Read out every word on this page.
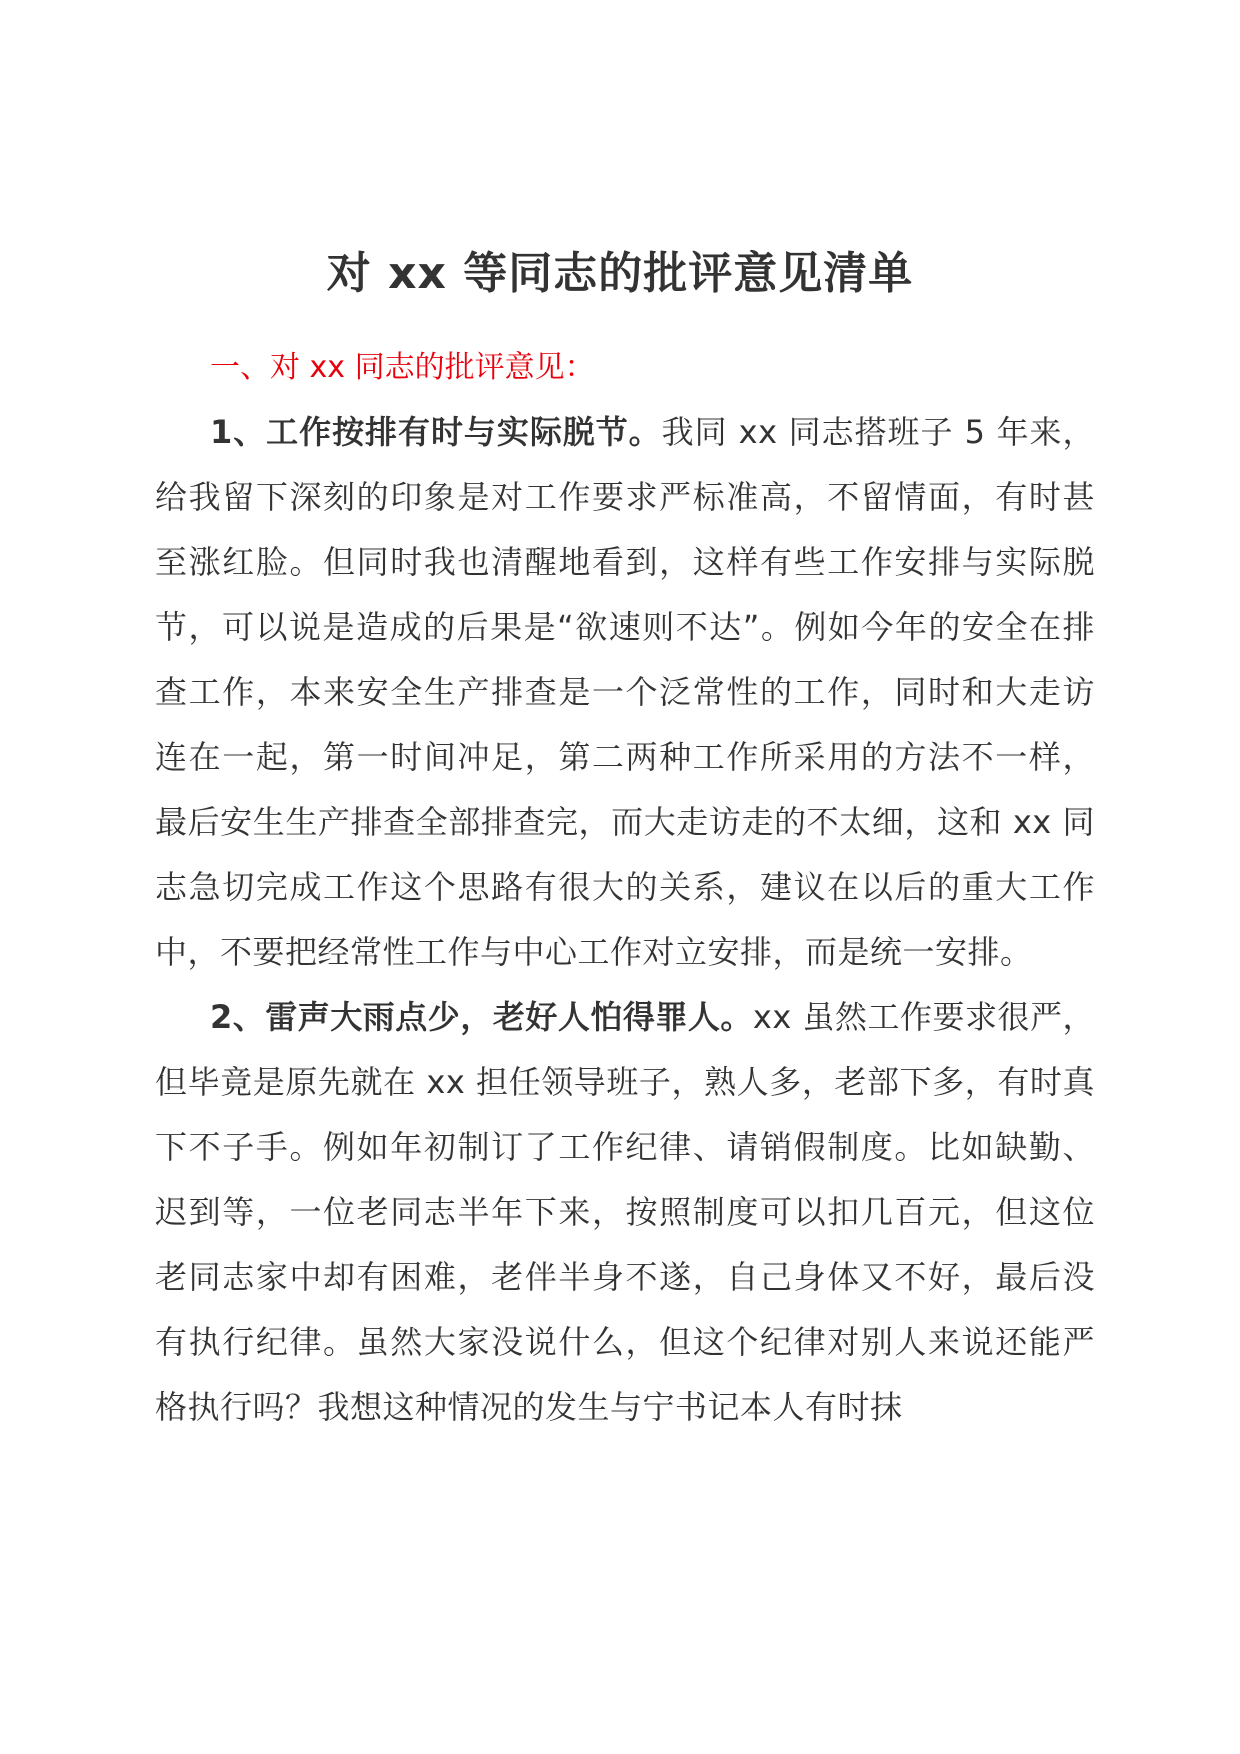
对 xx 等同志的批评意见清单

一、对 xx 同志的批评意见：

1、工作按排有时与实际脱节。我同 xx 同志搭班子 5 年来，给我留下深刻的印象是对工作要求严标准高，不留情面，有时甚至涨红脸。但同时我也清醒地看到，这样有些工作安排与实际脱节，可以说是造成的后果是“欲速则不达”。例如今年的安全在排查工作，本来安全生产排查是一个泛常性的工作，同时和大走访连在一起，第一时间冲足，第二两种工作所采用的方法不一样，最后安生生产排查全部排查完，而大走访走的不太细，这和 xx 同志急切完成工作这个思路有很大的关系，建议在以后的重大工作中，不要把经常性工作与中心工作对立安排，而是统一安排。

2、雷声大雨点少，老好人怕得罪人。xx 虽然工作要求很严，但毕竟是原先就在 xx 担任领导班子，熟人多，老部下多，有时真下不子手。例如年初制订了工作纪律、请销假制度。比如缺勤、迟到等，一位老同志半年下来，按照制度可以扣几百元，但这位老同志家中却有困难，老伴半身不遂，自己身体又不好，最后没有执行纪律。虽然大家没说什么，但这个纪律对别人来说还能严格执行吗？我想这种情况的发生与宁书记本人有时抹
